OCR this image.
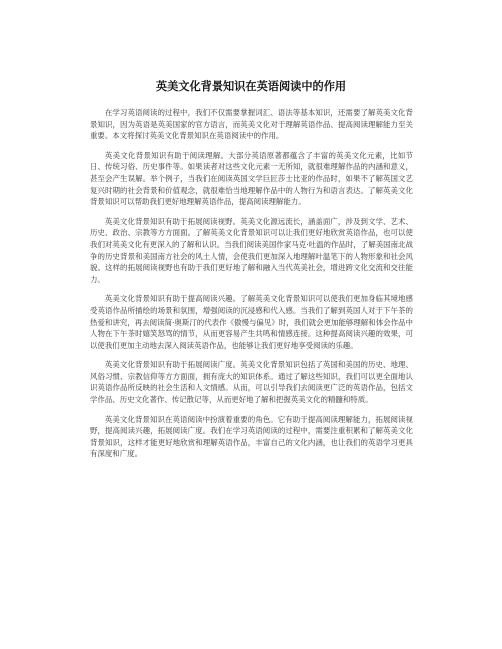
英美文化背景知识在英语阅读中的作用

在学习英语阅读的过程中，我们不仅需要掌握词汇、语法等基本知识，还需要了解英美文化背景知识，因为英语是英美国家的官方语言，而英美文化对于理解英语作品、提高阅读理解能力至关重要。本文将探讨英美文化背景知识在英语阅读中的作用。

英美文化背景知识有助于阅读理解。大部分英语原著都蕴含了丰富的英美文化元素，比如节日、传统习俗、历史事件等。如果读者对这些文化元素一无所知，就很难理解作品的内涵和意义，甚至会产生误解。举个例子，当我们在阅读英国文学巨匠莎士比亚的作品时，如果不了解英国文艺复兴时期的社会背景和价值观念，就很难恰当地理解作品中的人物行为和语言表达。了解英美文化背景知识可以帮助我们更好地理解英语作品，提高阅读理解能力。

英美文化背景知识有助于拓展阅读视野。英美文化源远流长，涵盖面广，涉及到文学、艺术、历史、政治、宗教等方方面面。了解英美文化背景知识可以让我们更好地欣赏英语作品，也可以使我们对英美文化有更深入的了解和认识。当我们阅读美国作家马克·吐温的作品时，了解美国南北战争的历史背景和美国南方社会的风土人情，会使我们更加深入地理解叶温笔下的人物形象和社会风貌。这样的拓展阅读视野也有助于我们更好地了解和融入当代英美社会，增进跨文化交流和交往能力。

英美文化背景知识有助于提高阅读兴趣。了解英美文化背景知识可以使我们更加身临其境地感受英语作品所描绘的场景和氛围，增强阅读的沉浸感和代入感。当我们了解到英国人对于下午茶的热爱和讲究，再去阅读简·奥斯汀的代表作《傲慢与偏见》时，我们就会更加能够理解和体会作品中人物在下午茶时嬉笑怒骂的情节，从而更容易产生共鸣和情感连接。这种提高阅读兴趣的效果，可以使我们更加主动地去深入阅读英语作品，也能够让我们更好地享受阅读的乐趣。

英美文化背景知识有助于拓展阅读广度。英美文化背景知识包括了英国和美国的历史、地理、风俗习惯、宗教信仰等方方面面，拥有庞大的知识体系。通过了解这些知识，我们可以更全面地认识英语作品所反映的社会生活和人文情感。从而，可以引导我们去阅读更广泛的英语作品，包括文学作品、历史文化著作、传记散记等，从而更好地了解和把握英美文化的精髓和特质。

英美文化背景知识在英语阅读中扮演着重要的角色。它有助于提高阅读理解能力，拓展阅读视野，提高阅读兴趣，拓展阅读广度。我们在学习英语阅读的过程中，需要注重积累和了解英美文化背景知识，这样才能更好地欣赏和理解英语作品，丰富自己的文化内涵，也让我们的英语学习更具有深度和广度。
